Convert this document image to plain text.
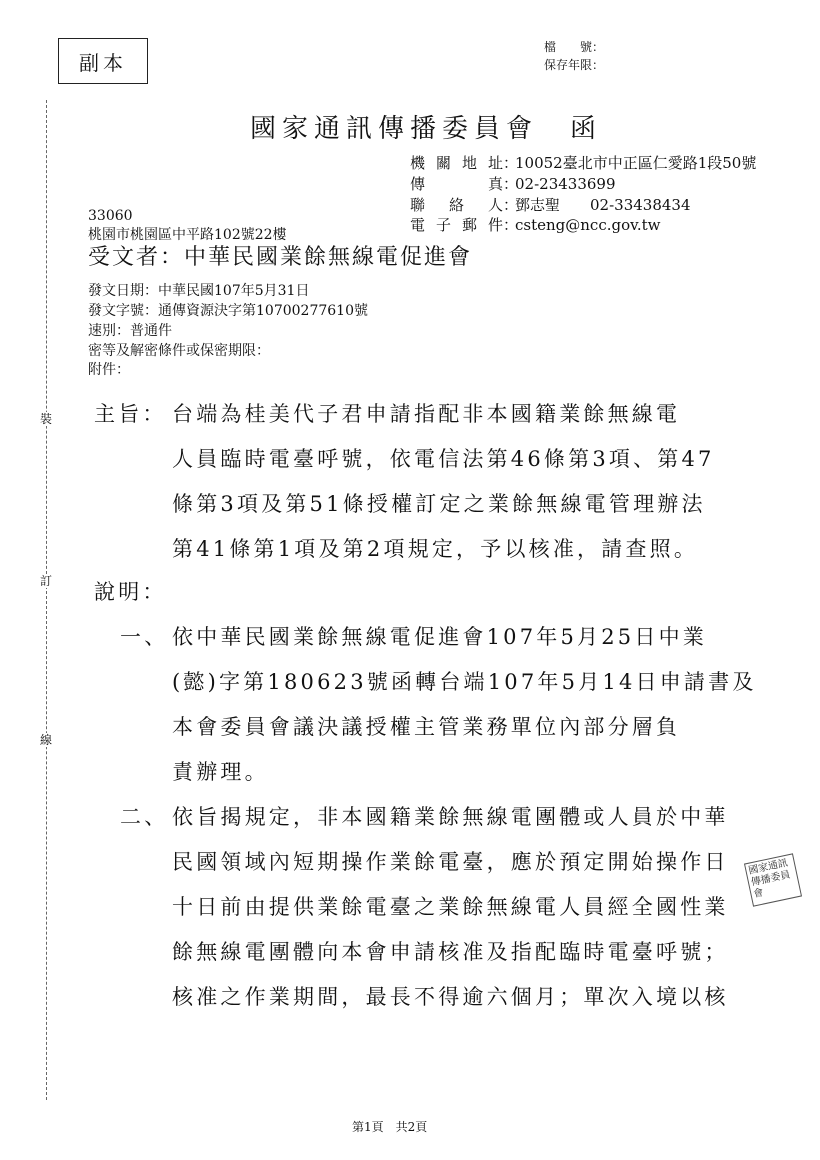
副本
檔　　號：
保存年限：
國家通訊傳播委員會　函
機關地址：10052臺北市中正區仁愛路1段50號
傳　　真：02-23433699
聯 絡 人：鄧志聖　　02-33438434
電子郵件：csteng@ncc.gov.tw
33060
桃園市桃園區中平路102號22樓
受文者：中華民國業餘無線電促進會
發文日期：中華民國107年5月31日
發文字號：通傳資源決字第10700277610號
速別：普通件
密等及解密條件或保密期限：
附件：
裝
訂
線
主旨： 台端為桂美代子君申請指配非本國籍業餘無線電
人員臨時電臺呼號，依電信法第46條第3項、第47
條第3項及第51條授權訂定之業餘無線電管理辦法
第41條第1項及第2項規定，予以核准，請查照。
說明：
一、 依中華民國業餘無線電促進會107年5月25日中業
(懿)字第180623號函轉台端107年5月14日申請書及
本會委員會議決議授權主管業務單位內部分層負
責辦理。
二、 依旨揭規定，非本國籍業餘無線電團體或人員於中華
民國領域內短期操作業餘電臺，應於預定開始操作日
十日前由提供業餘電臺之業餘無線電人員經全國性業
餘無線電團體向本會申請核准及指配臨時電臺呼號；
核准之作業期間，最長不得逾六個月；單次入境以核
國家通訊傳播委員會
第1頁　共2頁
